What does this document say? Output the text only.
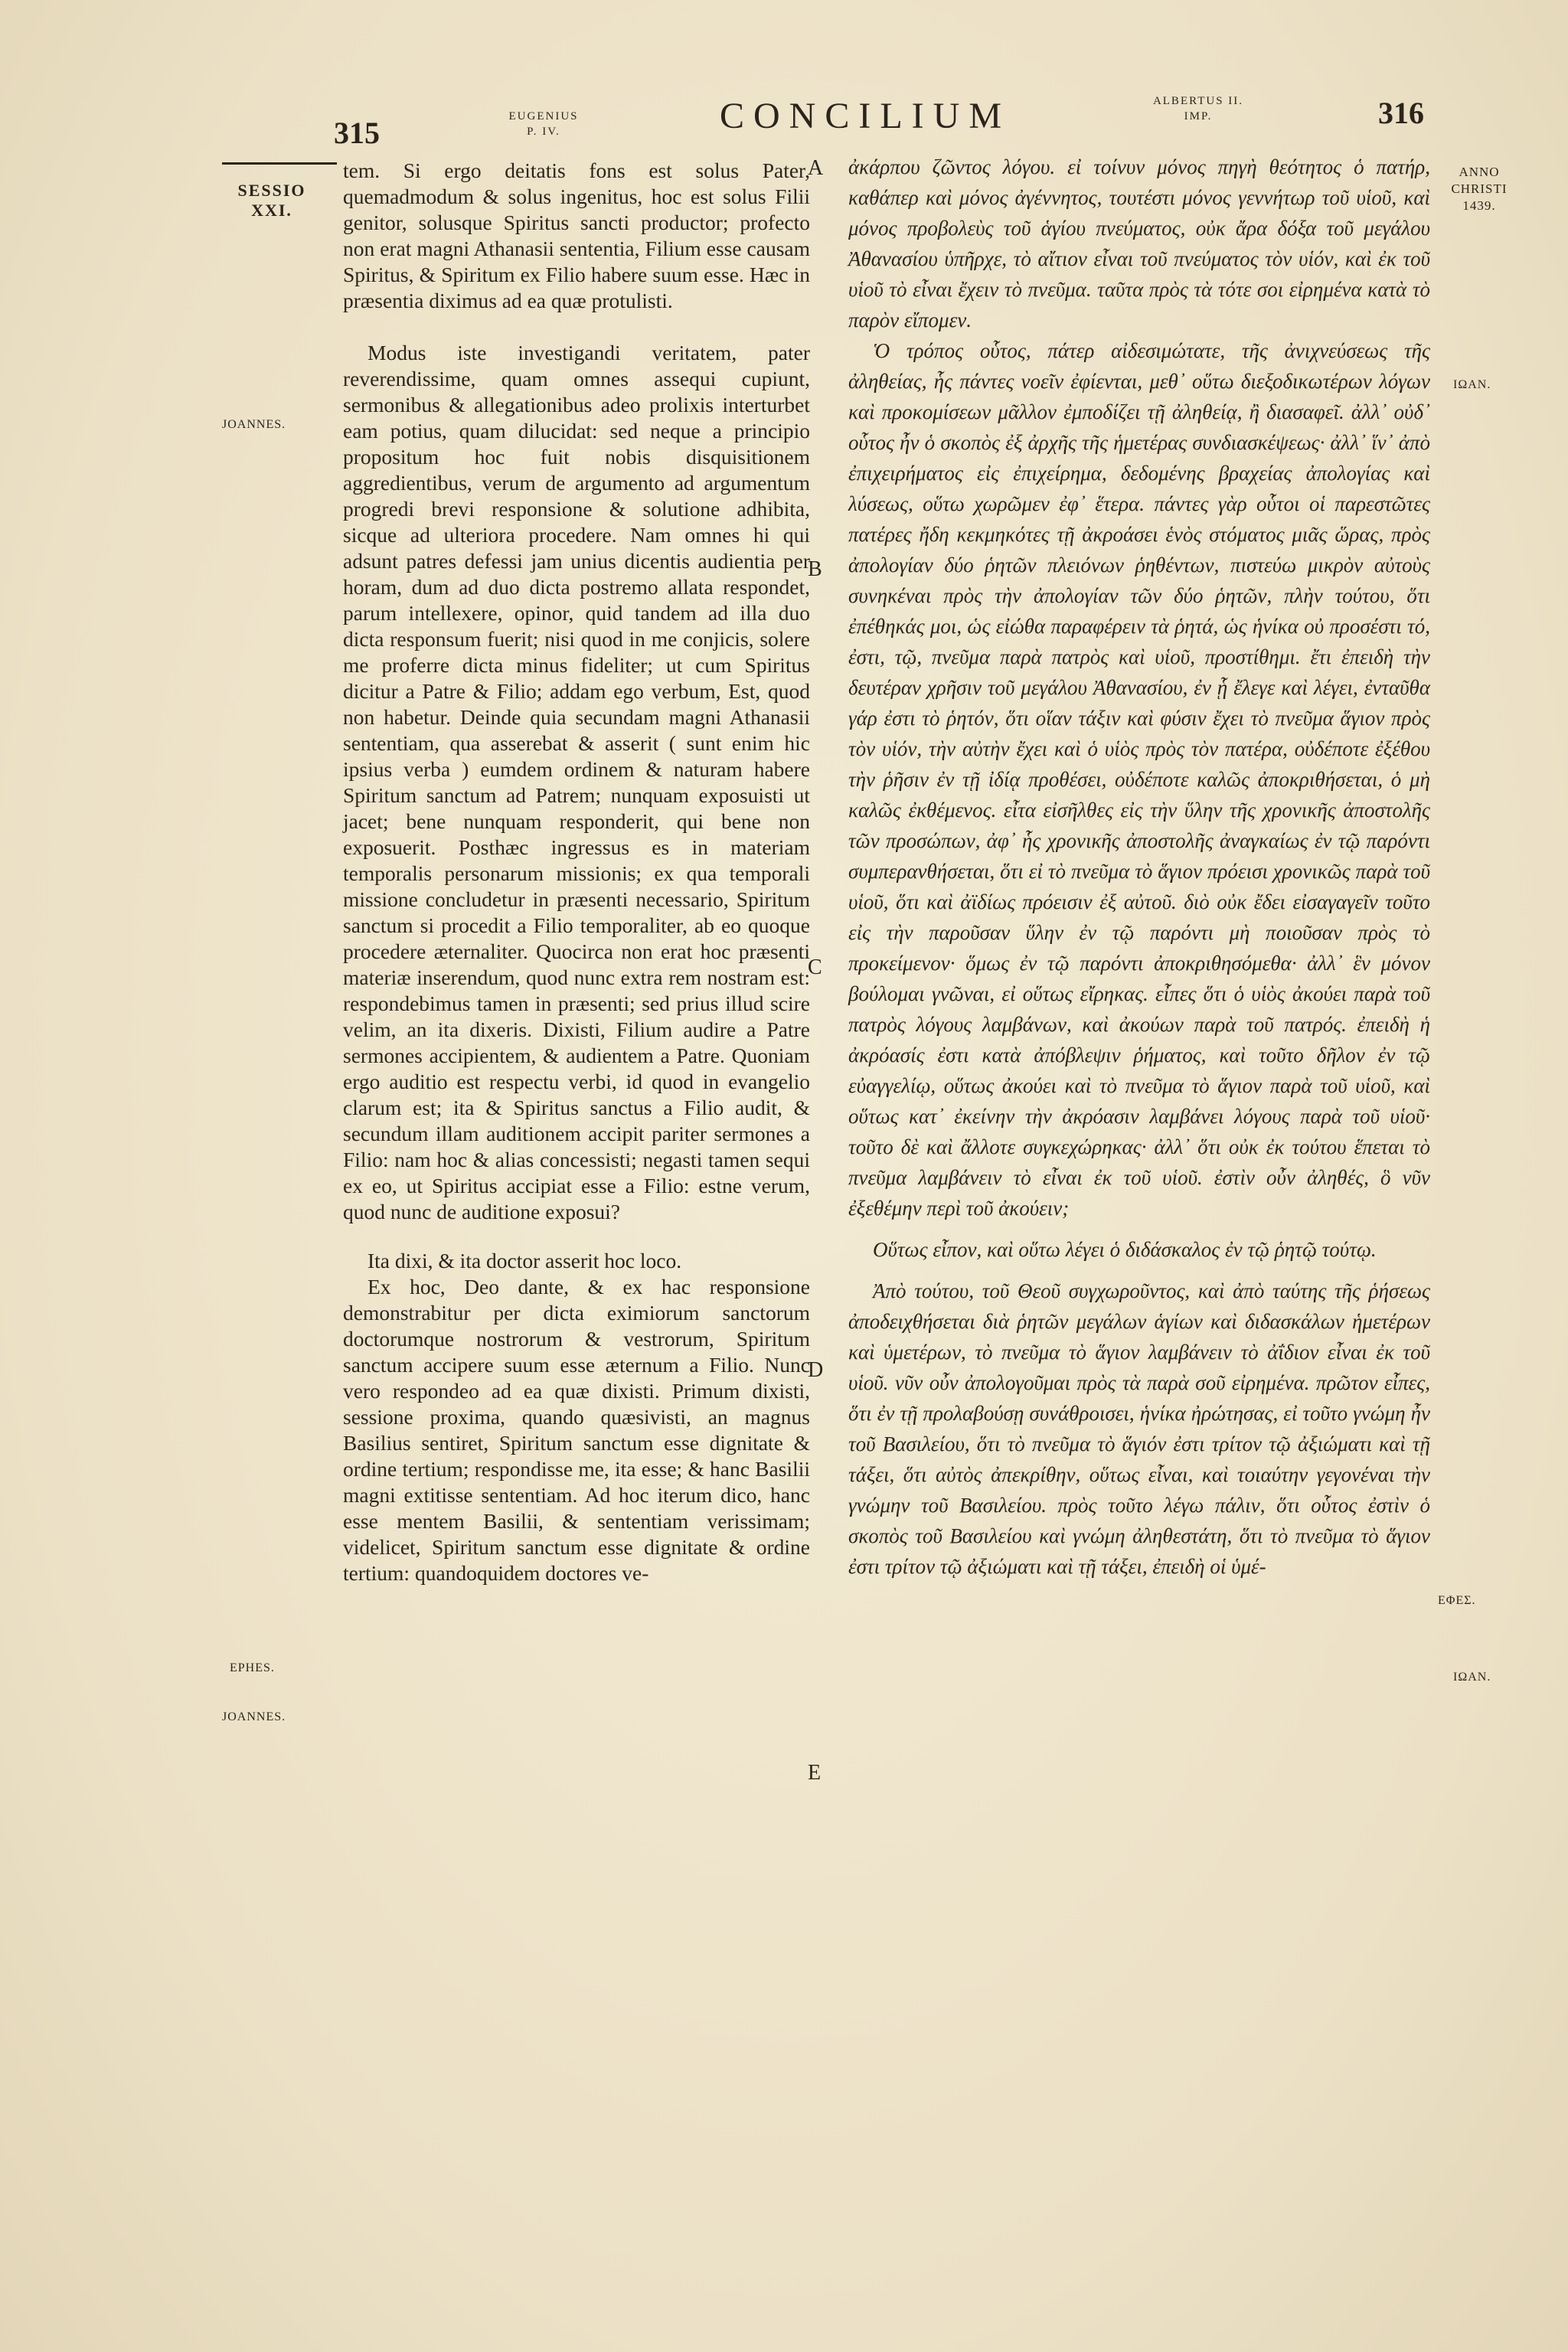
315	EUGENIUS
P. IV.	CONCILIUM	ALBERTUS II.
IMP.	316
SESSIO
XXI.
JOANNES.
EPHES.
JOANNES.
A
B
C
D
E

tem. Si ergo deitatis fons est solus Pater, quemadmodum & solus ingenitus, hoc est solus Filii genitor, solusque Spiritus sancti productor; profecto non erat magni Athanasii sententia, Filium esse causam Spiritus, & Spiritum ex Filio habere suum esse. Hæc in præsentia diximus ad ea quæ protulisti.

Modus iste investigandi veritatem, pater reverendissime, quam omnes assequi cupiunt, sermonibus & allegationibus adeo prolixis interturbet eam potius, quam dilucidat: sed neque a principio propositum hoc fuit nobis disquisitionem aggredientibus, verum de argumento ad argumentum progredi brevi responsione & solutione adhibita, sicque ad ulteriora procedere. Nam omnes hi qui adsunt patres defessi jam unius dicentis audientia per horam, dum ad duo dicta postremo allata respondet, parum intellexere, opinor, quid tandem ad illa duo dicta responsum fuerit; nisi quod in me conjicis, solere me proferre dicta minus fideliter; ut cum Spiritus dicitur a Patre & Filio; addam ego verbum, Est, quod non habetur. Deinde quia secundam magni Athanasii sententiam, qua asserebat & asserit ( sunt enim hic ipsius verba ) eumdem ordinem & naturam habere Spiritum sanctum ad Patrem; nunquam exposuisti ut jacet; bene nunquam responderit, qui bene non exposuerit. Posthæc ingressus es in materiam temporalis personarum missionis; ex qua temporali missione concludetur in præsenti necessario, Spiritum sanctum si procedit a Filio temporaliter, ab eo quoque procedere æternaliter. Quocirca non erat hoc præsenti materiæ inserendum, quod nunc extra rem nostram est: respondebimus tamen in præsenti; sed prius illud scire velim, an ita dixeris. Dixisti, Filium audire a Patre sermones accipientem, & audientem a Patre. Quoniam ergo auditio est respectu verbi, id quod in evangelio clarum est; ita & Spiritus sanctus a Filio audit, & secundum illam auditionem accipit pariter sermones a Filio: nam hoc & alias concessisti; negasti tamen sequi ex eo, ut Spiritus accipiat esse a Filio: estne verum, quod nunc de auditione exposui?

Ita dixi, & ita doctor asserit hoc loco.

Ex hoc, Deo dante, & ex hac responsione demonstrabitur per dicta eximiorum sanctorum doctorumque nostrorum & vestrorum, Spiritum sanctum accipere suum esse æternum a Filio. Nunc vero respondeo ad ea quæ dixisti. Primum dixisti, sessione proxima, quando quæsivisti, an magnus Basilius sentiret, Spiritum sanctum esse dignitate & ordine tertium; respondisse me, ita esse; & hanc Basilii magni extitisse sententiam. Ad hoc iterum dico, hanc esse mentem Basilii, & sententiam verissimam; videlicet, Spiritum sanctum esse dignitate & ordine tertium: quandoquidem doctores ve-

ἀκάρπου ζῶντος λόγου. εἰ τοίνυν μόνος πηγὴ θεότητος ὁ πατήρ, καθάπερ καὶ μόνος ἀγέννητος, τουτέστι μόνος γεννήτωρ τοῦ υἱοῦ, καὶ μόνος προβολεὺς τοῦ ἁγίου πνεύματος, οὐκ ἄρα δόξα τοῦ μεγάλου Ἀθανασίου ὑπῆρχε, τὸ αἴτιον εἶναι τοῦ πνεύματος τὸν υἱόν, καὶ ἐκ τοῦ υἱοῦ τὸ εἶναι ἔχειν τὸ πνεῦμα. ταῦτα πρὸς τὰ τότε σοι εἰρημένα κατὰ τὸ παρὸν εἴπομεν.

Ὁ τρόπος οὗτος, πάτερ αἰδεσιμώτατε, τῆς ἀνιχνεύσεως τῆς ἀληθείας, ἧς πάντες νοεῖν ἐφίενται, μεθ᾽ οὕτω διεξοδικωτέρων λόγων καὶ προκομίσεων μᾶλλον ἐμποδίζει τῇ ἀληθείᾳ, ἢ διασαφεῖ. ἀλλ᾽ οὐδ᾽ οὗτος ἦν ὁ σκοπὸς ἐξ ἀρχῆς τῆς ἡμετέρας συνδιασκέψεως· ἀλλ᾽ ἵν᾽ ἀπὸ ἐπιχειρήματος εἰς ἐπιχείρημα, δεδομένης βραχείας ἀπολογίας καὶ λύσεως, οὕτω χωρῶμεν ἐφ᾽ ἕτερα. πάντες γὰρ οὗτοι οἱ παρεστῶτες πατέρες ἤδη κεκμηκότες τῇ ἀκροάσει ἑνὸς στόματος μιᾶς ὥρας, πρὸς ἀπολογίαν δύο ῥητῶν πλειόνων ῥηθέντων, πιστεύω μικρὸν αὐτοὺς συνηκέναι πρὸς τὴν ἀπολογίαν τῶν δύο ῥητῶν, πλὴν τούτου, ὅτι ἐπέθηκάς μοι, ὡς εἰώθα παραφέρειν τὰ ῥητά, ὡς ἡνίκα οὐ προσέστι τό, ἐστι, τῷ, πνεῦμα παρὰ πατρὸς καὶ υἱοῦ, προστίθημι. ἔτι ἐπειδὴ τὴν δευτέραν χρῆσιν τοῦ μεγάλου Ἀθανασίου, ἐν ᾗ ἔλεγε καὶ λέγει, ἐνταῦθα γάρ ἐστι τὸ ῥητόν, ὅτι οἵαν τάξιν καὶ φύσιν ἔχει τὸ πνεῦμα ἅγιον πρὸς τὸν υἱόν, τὴν αὐτὴν ἔχει καὶ ὁ υἱὸς πρὸς τὸν πατέρα, οὐδέποτε ἐξέθου τὴν ῥῆσιν ἐν τῇ ἰδίᾳ προθέσει, οὐδέποτε καλῶς ἀποκριθήσεται, ὁ μὴ καλῶς ἐκθέμενος. εἶτα εἰσῆλθες εἰς τὴν ὕλην τῆς χρονικῆς ἀποστολῆς τῶν προσώπων, ἀφ᾽ ἧς χρονικῆς ἀποστολῆς ἀναγκαίως ἐν τῷ παρόντι συμπερανθήσεται, ὅτι εἰ τὸ πνεῦμα τὸ ἅγιον πρόεισι χρονικῶς παρὰ τοῦ υἱοῦ, ὅτι καὶ ἀϊδίως πρόεισιν ἐξ αὐτοῦ. διὸ οὐκ ἔδει εἰσαγαγεῖν τοῦτο εἰς τὴν παροῦσαν ὕλην ἐν τῷ παρόντι μὴ ποιοῦσαν πρὸς τὸ προκείμενον· ὅμως ἐν τῷ παρόντι ἀποκριθησόμεθα· ἀλλ᾽ ἓν μόνον βούλομαι γνῶναι, εἰ οὕτως εἴρηκας. εἶπες ὅτι ὁ υἱὸς ἀκούει παρὰ τοῦ πατρὸς λόγους λαμβάνων, καὶ ἀκούων παρὰ τοῦ πατρός. ἐπειδὴ ἡ ἀκρόασίς ἐστι κατὰ ἀπόβλεψιν ῥήματος, καὶ τοῦτο δῆλον ἐν τῷ εὐαγγελίῳ, οὕτως ἀκούει καὶ τὸ πνεῦμα τὸ ἅγιον παρὰ τοῦ υἱοῦ, καὶ οὕτως κατ᾽ ἐκείνην τὴν ἀκρόασιν λαμβάνει λόγους παρὰ τοῦ υἱοῦ· τοῦτο δὲ καὶ ἄλλοτε συγκεχώρηκας· ἀλλ᾽ ὅτι οὐκ ἐκ τούτου ἕπεται τὸ πνεῦμα λαμβάνειν τὸ εἶναι ἐκ τοῦ υἱοῦ. ἐστὶν οὖν ἀληθές, ὃ νῦν ἐξεθέμην περὶ τοῦ ἀκούειν;

Οὕτως εἶπον, καὶ οὕτω λέγει ὁ διδάσκαλος ἐν τῷ ῥητῷ τούτῳ.

Ἀπὸ τούτου, τοῦ Θεοῦ συγχωροῦντος, καὶ ἀπὸ ταύτης τῆς ῥήσεως ἀποδειχθήσεται διὰ ῥητῶν μεγάλων ἁγίων καὶ διδασκάλων ἡμετέρων καὶ ὑμετέρων, τὸ πνεῦμα τὸ ἅγιον λαμβάνειν τὸ ἀΐδιον εἶναι ἐκ τοῦ υἱοῦ. νῦν οὖν ἀπολογοῦμαι πρὸς τὰ παρὰ σοῦ εἰρημένα. πρῶτον εἶπες, ὅτι ἐν τῇ προλαβούσῃ συνάθροισει, ἡνίκα ἠρώτησας, εἰ τοῦτο γνώμη ἦν τοῦ Βασιλείου, ὅτι τὸ πνεῦμα τὸ ἅγιόν ἐστι τρίτον τῷ ἀξιώματι καὶ τῇ τάξει, ὅτι αὐτὸς ἀπεκρίθην, οὕτως εἶναι, καὶ τοιαύτην γεγονέναι τὴν γνώμην τοῦ Βασιλείου. πρὸς τοῦτο λέγω πάλιν, ὅτι οὗτος ἐστὶν ὁ σκοπὸς τοῦ Βασιλείου καὶ γνώμη ἀληθεστάτη, ὅτι τὸ πνεῦμα τὸ ἅγιον ἐστι τρίτον τῷ ἀξιώματι καὶ τῇ τάξει, ἐπειδὴ οἱ ὑμέ-

ANNO
CHRISTI
1439.
IΩAN.
EΦEΣ.
IΩAN.
